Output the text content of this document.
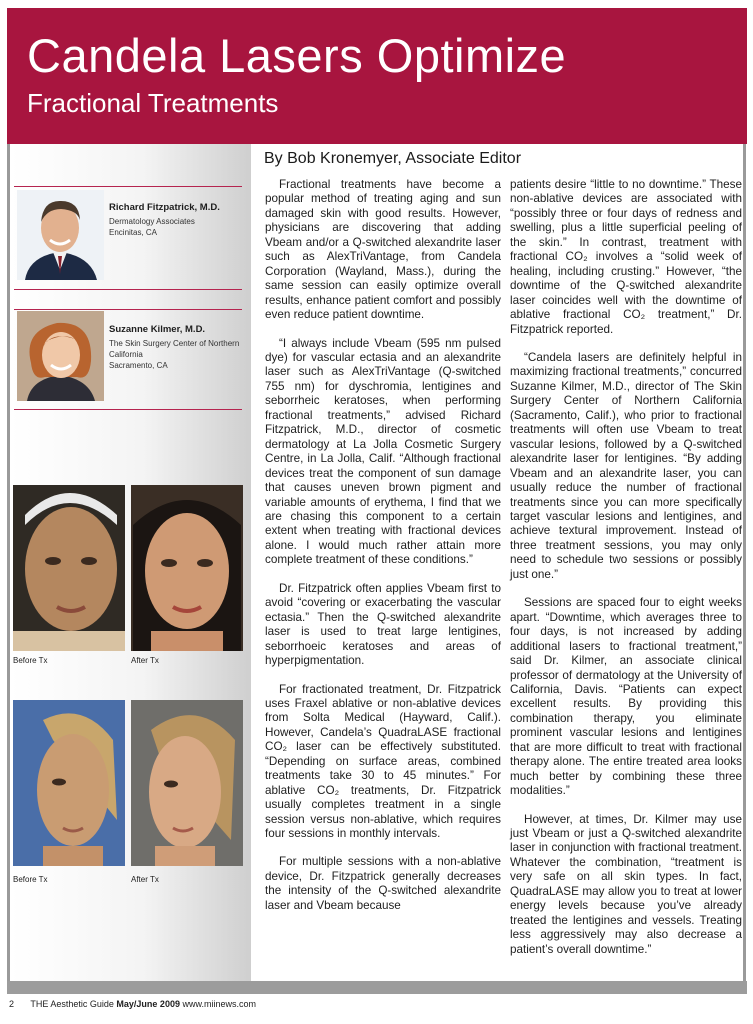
Candela Lasers Optimize
Fractional Treatments
By Bob Kronemyer, Associate Editor
Richard Fitzpatrick, M.D.
Dermatology Associates
Encinitas, CA
Suzanne Kilmer, M.D.
The Skin Surgery Center of Northern
California
Sacramento, CA
Before Tx	After Tx
Before Tx	After Tx

Fractional treatments have become a popular method of treating aging and sun damaged skin with good results. However, physicians are discovering that adding Vbeam and/or a Q-switched alexandrite laser such as AlexTriVantage, from Candela Corporation (Wayland, Mass.), during the same session can easily optimize overall results, enhance patient comfort and possibly even reduce patient downtime.

“I always include Vbeam (595 nm pulsed dye) for vascular ectasia and an alexandrite laser such as AlexTriVantage (Q-switched 755 nm) for dyschromia, lentigines and seborrheic keratoses, when performing fractional treatments,” advised Richard Fitzpatrick, M.D., director of cosmetic dermatology at La Jolla Cosmetic Surgery Centre, in La Jolla, Calif. “Although fractional devices treat the component of sun damage that causes uneven brown pigment and variable amounts of erythema, I find that we are chasing this component to a certain extent when treating with fractional devices alone. I would much rather attain more complete treatment of these conditions.”

Dr. Fitzpatrick often applies Vbeam first to avoid “covering or exacerbating the vascular ectasia.” Then the Q-switched alexandrite laser is used to treat large lentigines, seborrhoeic keratoses and areas of hyperpigmentation.

For fractionated treatment, Dr. Fitzpatrick uses Fraxel ablative or non-ablative devices from Solta Medical (Hayward, Calif.). However, Candela’s QuadraLASE fractional CO₂ laser can be effectively substituted. “Depending on surface areas, combined treatments take 30 to 45 minutes.” For ablative CO₂ treatments, Dr. Fitzpatrick usually completes treatment in a single session versus non-ablative, which requires four sessions in monthly intervals.

For multiple sessions with a non-ablative device, Dr. Fitzpatrick generally decreases the intensity of the Q-switched alexandrite laser and Vbeam because

patients desire “little to no downtime.” These non-ablative devices are associated with “possibly three or four days of redness and swelling, plus a little superficial peeling of the skin.” In contrast, treatment with fractional CO₂ involves a “solid week of healing, including crusting.” However, “the downtime of the Q-switched alexandrite laser coincides well with the downtime of ablative fractional CO₂ treatment,” Dr. Fitzpatrick reported.

“Candela lasers are definitely helpful in maximizing fractional treatments,” concurred Suzanne Kilmer, M.D., director of The Skin Surgery Center of Northern California (Sacramento, Calif.), who prior to fractional treatments will often use Vbeam to treat vascular lesions, followed by a Q-switched alexandrite laser for lentigines. “By adding Vbeam and an alexandrite laser, you can usually reduce the number of fractional treatments since you can more specifically target vascular lesions and lentigines, and achieve textural improvement. Instead of three treatment sessions, you may only need to schedule two sessions or possibly just one.”

Sessions are spaced four to eight weeks apart. “Downtime, which averages three to four days, is not increased by adding additional lasers to fractional treatment,” said Dr. Kilmer, an associate clinical professor of dermatology at the University of California, Davis. “Patients can expect excellent results. By providing this combination therapy, you eliminate prominent vascular lesions and lentigines that are more difficult to treat with fractional therapy alone. The entire treated area looks much better by combining these three modalities.”

However, at times, Dr. Kilmer may use just Vbeam or just a Q-switched alexandrite laser in conjunction with fractional treatment. Whatever the combination, “treatment is very safe on all skin types. In fact, QuadraLASE may allow you to treat at lower energy levels because you’ve already treated the lentigines and vessels. Treating less aggressively may also decrease a patient’s overall downtime.”

2 THE Aesthetic Guide May/June 2009 www.miinews.com
